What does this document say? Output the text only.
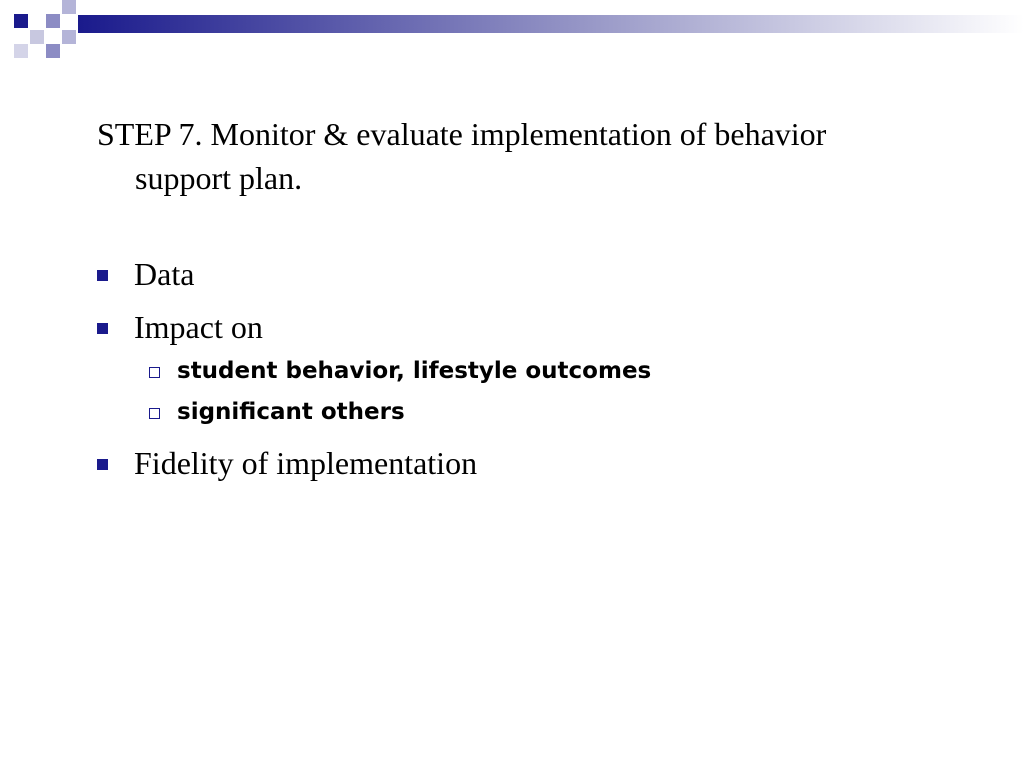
STEP 7. Monitor & evaluate implementation of behavior support plan.

Data
Impact on
student behavior, lifestyle outcomes
significant others
Fidelity of implementation
